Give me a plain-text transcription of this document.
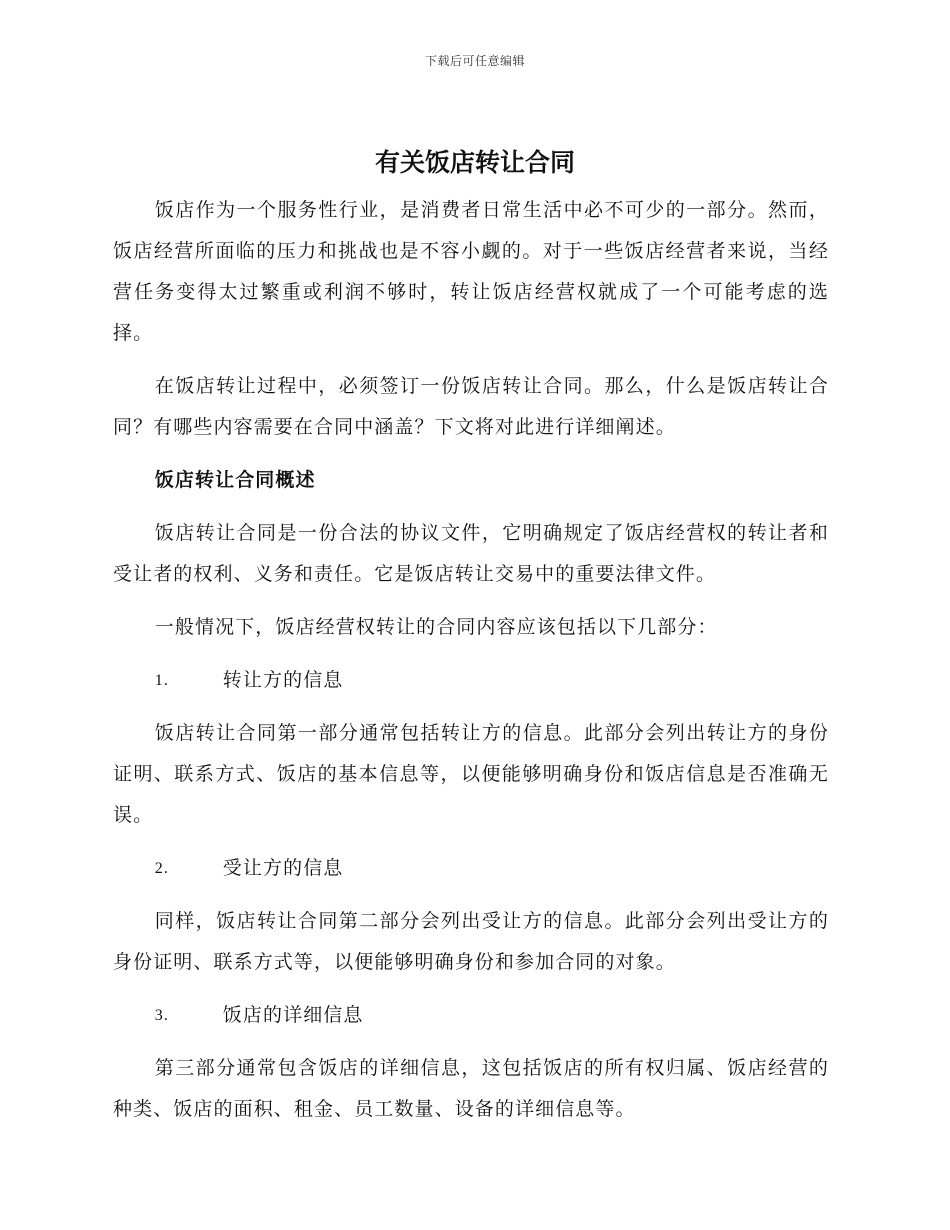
下载后可任意编辑
有关饭店转让合同

饭店作为一个服务性行业，是消费者日常生活中必不可少的一部分。然而，饭店经营所面临的压力和挑战也是不容小觑的。对于一些饭店经营者来说，当经营任务变得太过繁重或利润不够时，转让饭店经营权就成了一个可能考虑的选择。

在饭店转让过程中，必须签订一份饭店转让合同。那么，什么是饭店转让合同？有哪些内容需要在合同中涵盖？下文将对此进行详细阐述。

饭店转让合同概述

饭店转让合同是一份合法的协议文件，它明确规定了饭店经营权的转让者和受让者的权利、义务和责任。它是饭店转让交易中的重要法律文件。

一般情况下，饭店经营权转让的合同内容应该包括以下几部分：

1.	转让方的信息

饭店转让合同第一部分通常包括转让方的信息。此部分会列出转让方的身份证明、联系方式、饭店的基本信息等，以便能够明确身份和饭店信息是否准确无误。

2.	受让方的信息

同样，饭店转让合同第二部分会列出受让方的信息。此部分会列出受让方的身份证明、联系方式等，以便能够明确身份和参加合同的对象。

3.	饭店的详细信息

第三部分通常包含饭店的详细信息，这包括饭店的所有权归属、饭店经营的种类、饭店的面积、租金、员工数量、设备的详细信息等。
